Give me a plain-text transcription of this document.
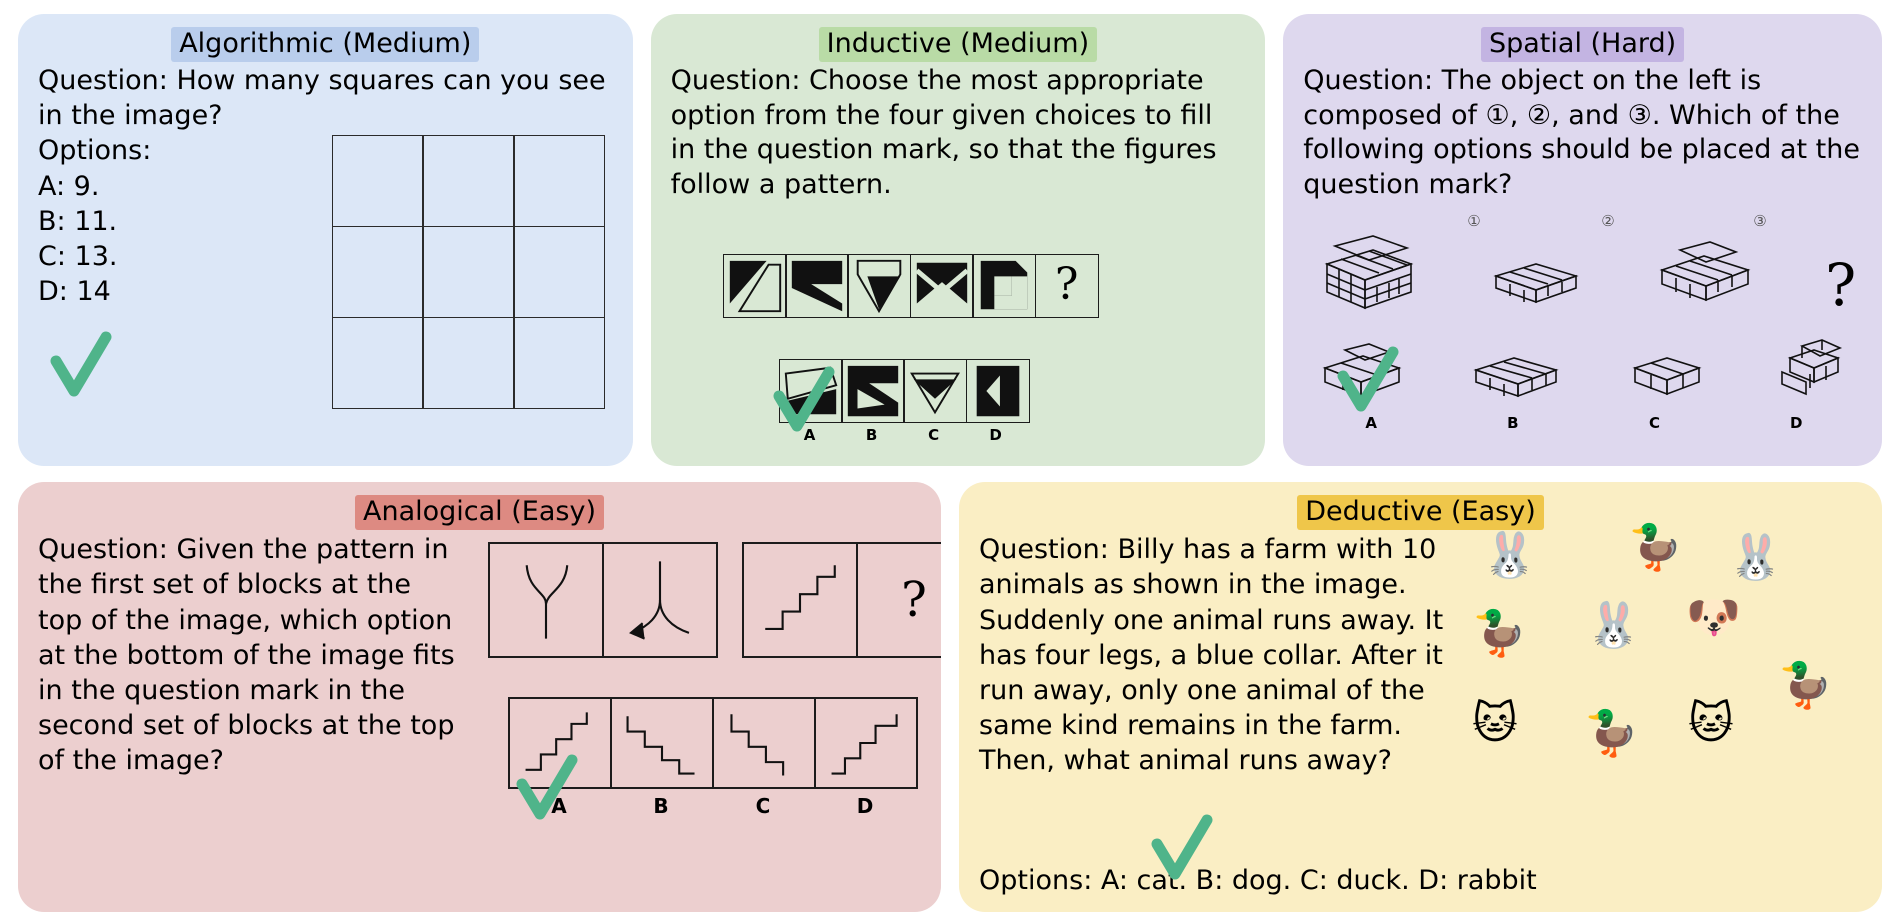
Algorithmic (Medium)
Question: How many squares can you see in the image?
Options:
A: 9.
B: 11.
C: 13.
D: 14
Inductive (Medium)
Question: Choose the most appropriate option from the four given choices to fill in the question mark, so that the figures follow a pattern.
?
A	B	C	D
Spatial (Hard)
Question: The object on the left is composed of ①, ②, and ③. Which of the following options should be placed at the question mark?
①	②	③
?
A	B	C	D
Analogical (Easy)
Question: Given the pattern in the first set of blocks at the top of the image, which option at the bottom of the image fits in the question mark in the second set of blocks at the top of the image?
?
A	B	C	D
Deductive (Easy)
Question: Billy has a farm with 10 animals as shown in the image. Suddenly one animal runs away. It has four legs, a blue collar. After it run away, only one animal of the same kind remains in the farm. Then, what animal runs away?
🐰 🦆 🐰
🦆 🐰 🐶
🦆
🐱 🦆 🐱
Options: A: cat. B: dog. C: duck. D: rabbit
